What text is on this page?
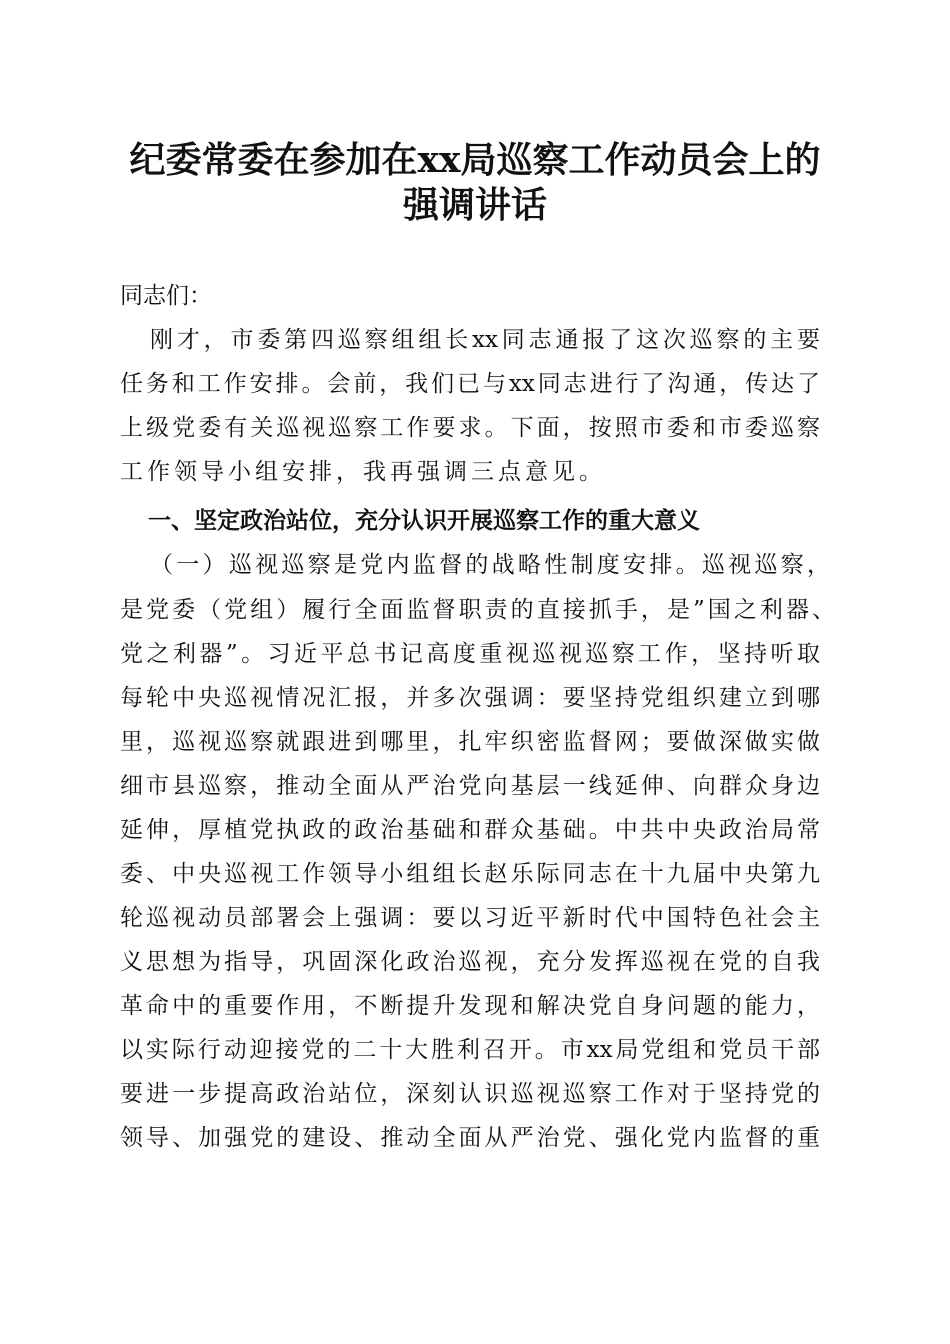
纪委常委在参加在xx局巡察工作动员会上的
强调讲话
同志们：
刚才，市委第四巡察组组长xx同志通报了这次巡察的主要
任务和工作安排。会前，我们已与xx同志进行了沟通，传达了
上级党委有关巡视巡察工作要求。下面，按照市委和市委巡察
工作领导小组安排，我再强调三点意见。
一、坚定政治站位，充分认识开展巡察工作的重大意义
（一）巡视巡察是党内监督的战略性制度安排。巡视巡察，
是党委（党组）履行全面监督职责的直接抓手，是”国之利器、
党之利器”。习近平总书记高度重视巡视巡察工作，坚持听取
每轮中央巡视情况汇报，并多次强调：要坚持党组织建立到哪
里，巡视巡察就跟进到哪里，扎牢织密监督网；要做深做实做
细市县巡察，推动全面从严治党向基层一线延伸、向群众身边
延伸，厚植党执政的政治基础和群众基础。中共中央政治局常
委、中央巡视工作领导小组组长赵乐际同志在十九届中央第九
轮巡视动员部署会上强调：要以习近平新时代中国特色社会主
义思想为指导，巩固深化政治巡视，充分发挥巡视在党的自我
革命中的重要作用，不断提升发现和解决党自身问题的能力，
以实际行动迎接党的二十大胜利召开。市xx局党组和党员干部
要进一步提高政治站位，深刻认识巡视巡察工作对于坚持党的
领导、加强党的建设、推动全面从严治党、强化党内监督的重
